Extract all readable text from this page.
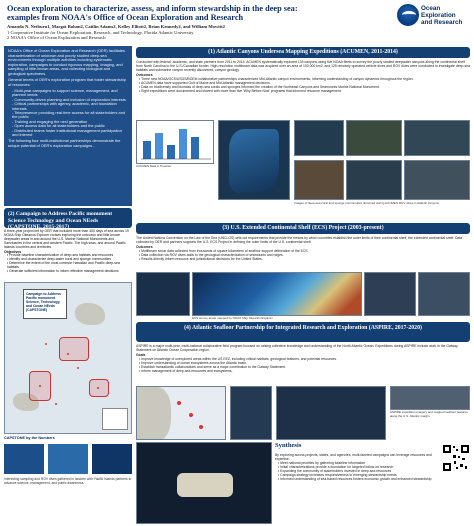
Ocean exploration to characterize, assess, and inform stewardship in the deep sea:
examples from NOAA's Office of Ocean Exploration and Research
Amanda N. Netburn1, Margot Bohan2, Caitlin Adams2, Kelley Elliott2, Brian Kennedy2, and William Mowitt2
1 Cooperative Institute for Ocean Exploration, Research, and Technology, Florida Atlantic University
2 NOAA's Office of Ocean Exploration and Research
Ocean
Exploration
and Research

NOAA's Office of Ocean Exploration and Research (OER) facilitates characterization of unknown and poorly studied deep-sea environments through multiple activities including systematic exploration, campaigns to conduct rigorous mapping, imaging, and sampling of little-known areas, and collecting biological and geological specimens.

General tenets of OER's exploration program that foster stewardship of resources:

- Multi-year campaigns to support science, management, and planned needs
- Community-driven planning and inclusion of exploration interests
- Critical partnerships with agency, academic, and foundation interests
- Telepresence providing real-time access for all stakeholders and the public
- Training and engaging the next generation
- Open access data for all stakeholders and the public
- Distributed teams foster institutional management participation and interest

The following four multi-institutional partnerships demonstrate the unique potential of OER's exploration campaigns...

(2) Campaign to Address Pacific monument Science Technology and Ocean NEeds (CAPSTONE, 2015-2017)
A three-year project led by OER that included more than 400 days of sea across 19 NOAA Ship Okeanos Explorer cruises exploring the unknown and little-known deepwater areas in and around the U.S. Marine National Monuments and Sanctuaries in the central and western Pacific. The high seas, and around Pacific Islands countries and territories.
Objectives
• Provide baseline characterization of deep-sea habitats and resources
• Identify and characterize deep-water coral and sponge communities
• Determine the extent of the most common Hawaiian and Pacific deep-sea habitats
• Generate sufficient information to inform effective management decisions
Campaign to Address Pacific monument Science, Technology, and Ocean NEeds (CAPSTONE)
CAPSTONE by the Numbers
Interesting sampling and ROV dives gathered in tandem with Pacific Islands partners to advance science, management, and public awareness.
(1) Atlantic Canyons Undersea Mapping Expeditions (ACUMEN, 2011-2014)
Conducted with federal, academic, and state partners from 2011 to 2014, ACUMEN systematically explored 133 canyons using five NOAA fleets to survey the poorly studied deepwater canyons along the continental shelf from North Carolina to the U.S./Canadian border. High-resolution multibeam data was acquired over an area of 100,000 km2, and 125 remotely operated vehicle dives and ROV dives were conducted to investigate deep-sea habitats and submarine canyon recently discovered, canyon geology.
Outcomes
• Three new NOAA/OCS/USGS/BOEM collaborative partnerships characterized Mid-Atlantic canyon environments, informing understanding of canyon dynamics throughout the region.
• ACUMEN data have supported Gulf of Maine and Mid-Atlantic management decisions.
• Data on biodiversity and biomass of deep-sea corals and sponges informed the creation of the Northeast Canyons and Seamounts Marine National Monument.
• Eight expeditions were documented and shared with more than five 'Why Before Now' programs that informed resource management.
ACUMEN Data in Practice
Images of deep-sea coral and sponge communities observed during ACUMEN ROV dives in Atlantic canyons.
(3) U.S. Extended Continental Shelf (ECS) Project (2003-present)
The United Nations Convention on the Law of the Sea (UNCLOS) sets out requirements that provide the means by which countries establish the outer limits of their continental shelf, the extended continental shelf. Data collected by OER and partners supports the U.S. ECS Project in defining the outer limits of the U.S. continental shelf.
Outcomes
• Multibeam sonar data collected from thousands of square kilometers of seafloor support delineation of the ECS.
• Data collection via ROV dives adds to the geological characterization of seamounts and ridges.
• Results directly inform resource and jurisdictional decisions for the United States.
ECS survey areas mapped by NOAA Ship Okeanos Explorer
(4) Atlantic Seafloor Partnership for Integrated Research and Exploration (ASPIRE, 2017-2020)
ASPIRE is a major multi-year, multi-national collaborative field program focused on raising collective knowledge and understanding of the North Atlantic Ocean. Expeditions during ASPIRE include work in the Galway Statement on Atlantic Ocean Cooperation region.
Goals
• Improve knowledge of unexplored areas within the US EEZ, including critical habitats, geological features, and potential resources.
• Improve understanding of ocean ecosystems across the Atlantic basin.
• Establish transatlantic collaborations and serve as a major contribution to the Galway Statement.
• Inform management of deep-sea resources and ecosystems.
ASPIRE expedition imagery and mapped seafloor features along the U.S. Atlantic margin.
Synthesis
By exploring across projects, states, and agencies, multi-faceted campaigns can leverage resources and expertise:
• Meet national priorities by gathering baseline information
• Initial characterizations provide a foundation for targeted follow-on research
• Expanding the community of stakeholders invested in deep-sea resources
• Campaign strategy increases responsiveness to emerging stewardship needs
• Informed understanding of sea-based resources fosters economic growth and enhanced stewardship
